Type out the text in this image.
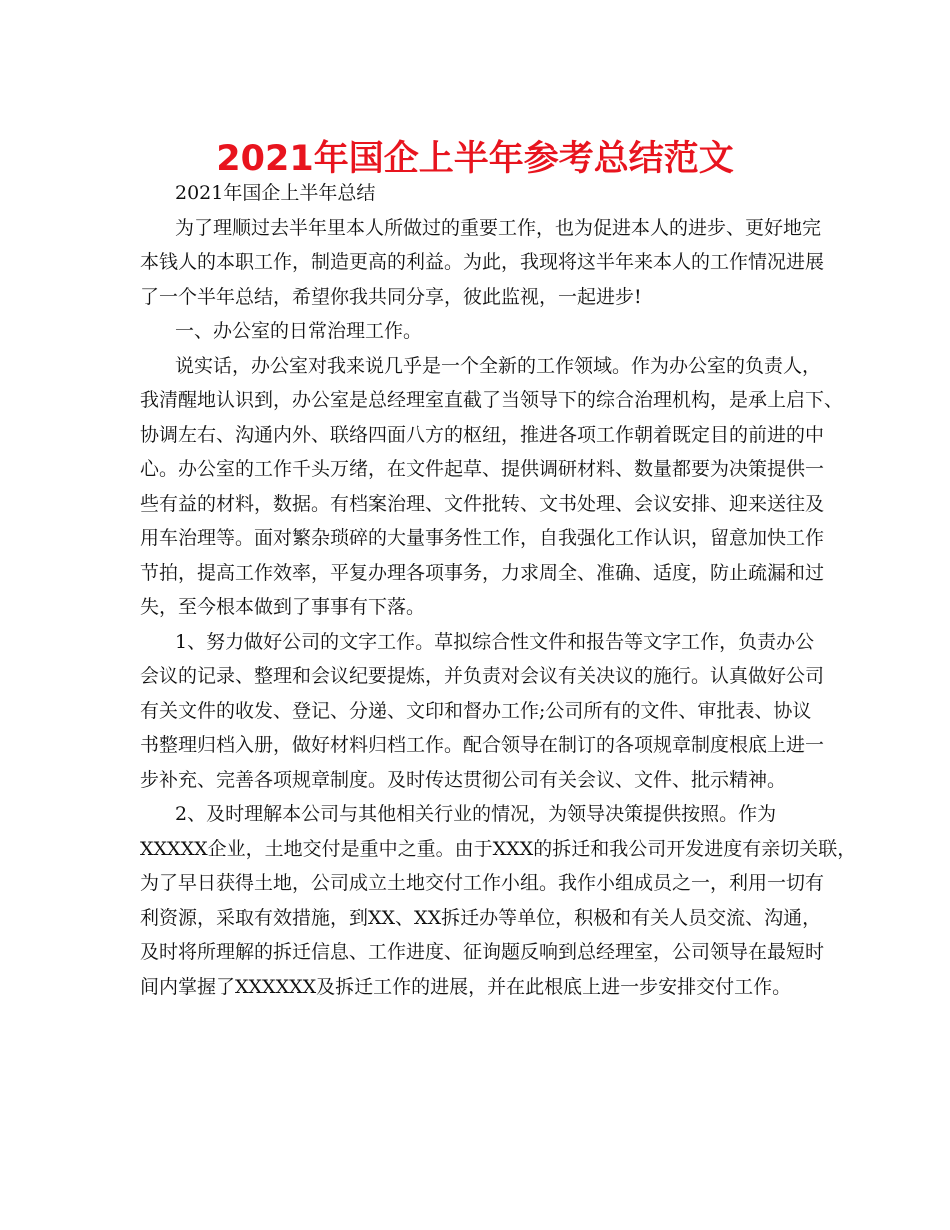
2021年国企上半年参考总结范文
2021年国企上半年总结
为了理顺过去半年里本人所做过的重要工作，也为促进本人的进步、更好地完
本钱人的本职工作，制造更高的利益。为此，我现将这半年来本人的工作情况进展
了一个半年总结，希望你我共同分享，彼此监视，一起进步!
一、办公室的日常治理工作。
说实话，办公室对我来说几乎是一个全新的工作领域。作为办公室的负责人，
我清醒地认识到，办公室是总经理室直截了当领导下的综合治理机构，是承上启下、
协调左右、沟通内外、联络四面八方的枢纽，推进各项工作朝着既定目的前进的中
心。办公室的工作千头万绪，在文件起草、提供调研材料、数量都要为决策提供一
些有益的材料，数据。有档案治理、文件批转、文书处理、会议安排、迎来送往及
用车治理等。面对繁杂琐碎的大量事务性工作，自我强化工作认识，留意加快工作
节拍，提高工作效率，平复办理各项事务，力求周全、准确、适度，防止疏漏和过
失，至今根本做到了事事有下落。
1、努力做好公司的文字工作。草拟综合性文件和报告等文字工作，负责办公
会议的记录、整理和会议纪要提炼，并负责对会议有关决议的施行。认真做好公司
有关文件的收发、登记、分递、文印和督办工作;公司所有的文件、审批表、协议
书整理归档入册，做好材料归档工作。配合领导在制订的各项规章制度根底上进一
步补充、完善各项规章制度。及时传达贯彻公司有关会议、文件、批示精神。
2、及时理解本公司与其他相关行业的情况，为领导决策提供按照。作为
XXXXX企业，土地交付是重中之重。由于XXX的拆迁和我公司开发进度有亲切关联，
为了早日获得土地，公司成立土地交付工作小组。我作小组成员之一，利用一切有
利资源，采取有效措施，到XX、XX拆迁办等单位，积极和有关人员交流、沟通，
及时将所理解的拆迁信息、工作进度、征询题反响到总经理室，公司领导在最短时
间内掌握了XXXXXX及拆迁工作的进展，并在此根底上进一步安排交付工作。
